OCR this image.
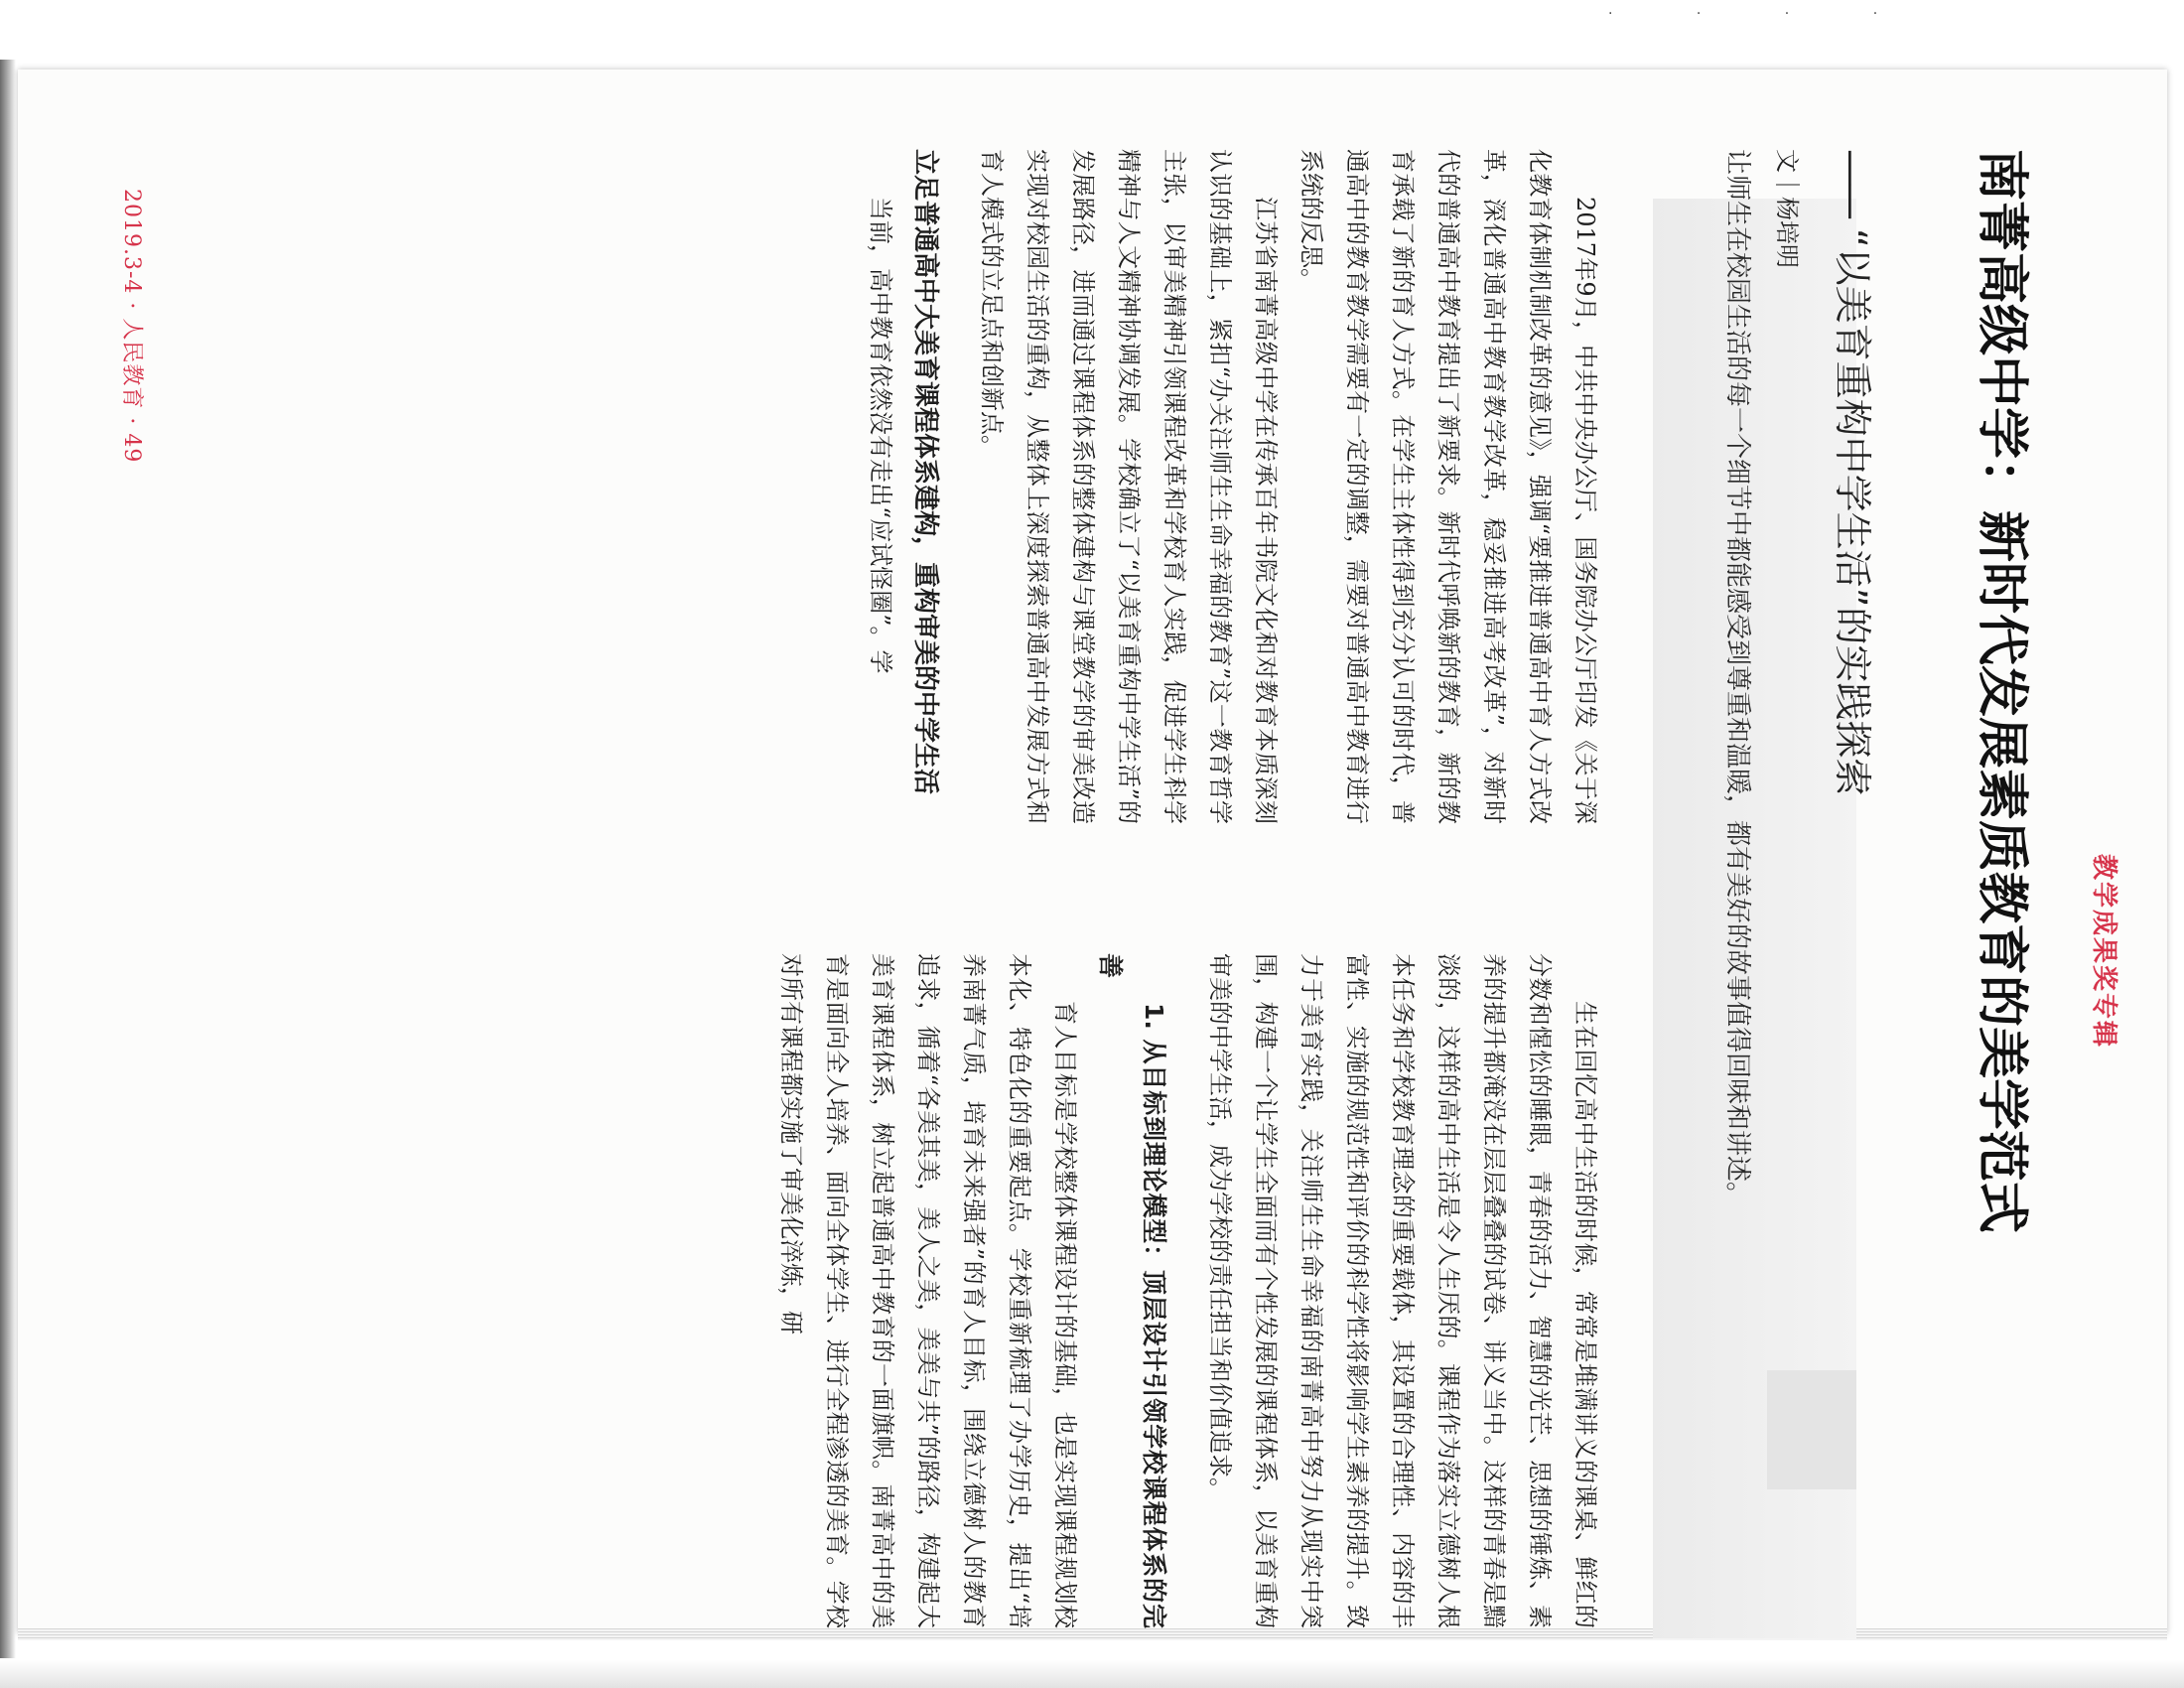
· · · ·
教学成果奖专辑
南菁高级中学：新时代发展素质教育的美学范式

——“以美育重构中学生活”的实践探索

文｜杨培明
让师生在校园生活的每一个细节中都能感受到尊重和温暖，都有美好的故事值得回味和讲述。

2017年9月，中共中央办公厅、国务院办公厅印发《关于深化教育体制机制改革的意见》，强调“要推进普通高中育人方式改革，深化普通高中教育教学改革，稳妥推进高考改革”，对新时代的普通高中教育提出了新要求。新时代呼唤新的教育，新的教育承载了新的育人方式。在学生主体性得到充分认可的时代，普通高中的教育教学需要有一定的调整，需要对普通高中教育进行系统的反思。

江苏省南菁高级中学在传承百年书院文化和对教育本质深刻认识的基础上，紧扣“办关注师生生命幸福的教育”这一教育哲学主张，以审美精神引领课程改革和学校育人实践，促进学生科学精神与人文精神协调发展。学校确立了“以美育重构中学生活”的发展路径，进而通过课程体系的整体建构与课堂教学的审美改造实现对校园生活的重构，从整体上深度探索普通高中发展方式和育人模式的立足点和创新点。

立足普通高中大美育课程体系建构，重构审美的中学生活

当前，高中教育依然没有走出“应试怪圈”。学

生在回忆高中生活的时候，常常是堆满讲义的课桌、鲜红的分数和惺忪的睡眼，青春的活力、智慧的光芒、思想的锤炼、素养的提升都淹没在层层叠叠的试卷、讲义当中。这样的青春是黯淡的，这样的高中生活是令人生厌的。课程作为落实立德树人根本任务和学校教育理念的重要载体，其设置的合理性、内容的丰富性、实施的规范性和评价的科学性将影响学生素养的提升。致力于美育实践，关注师生生命幸福的南菁高中努力从现实中突围，构建一个让学生全面而有个性发展的课程体系，以美育重构审美的中学生活，成为学校的责任担当和价值追求。

1. 从目标到理论模型：顶层设计引领学校课程体系的完善

育人目标是学校整体课程设计的基础，也是实现课程规划校本化、特色化的重要起点。学校重新梳理了办学历史，提出“培养南菁气质，培育未来强者”的育人目标，围绕立德树人的教育追求，循着“各美其美，美人之美，美美与共”的路径，构建起大美育课程体系，树立起普通高中教育的一面旗帜。南菁高中的美育是面向全人培养、面向全体学生、进行全程渗透的美育。学校对所有课程都实施了审美化淬炼，研

2019.3-4 · 人民教育 · 49
